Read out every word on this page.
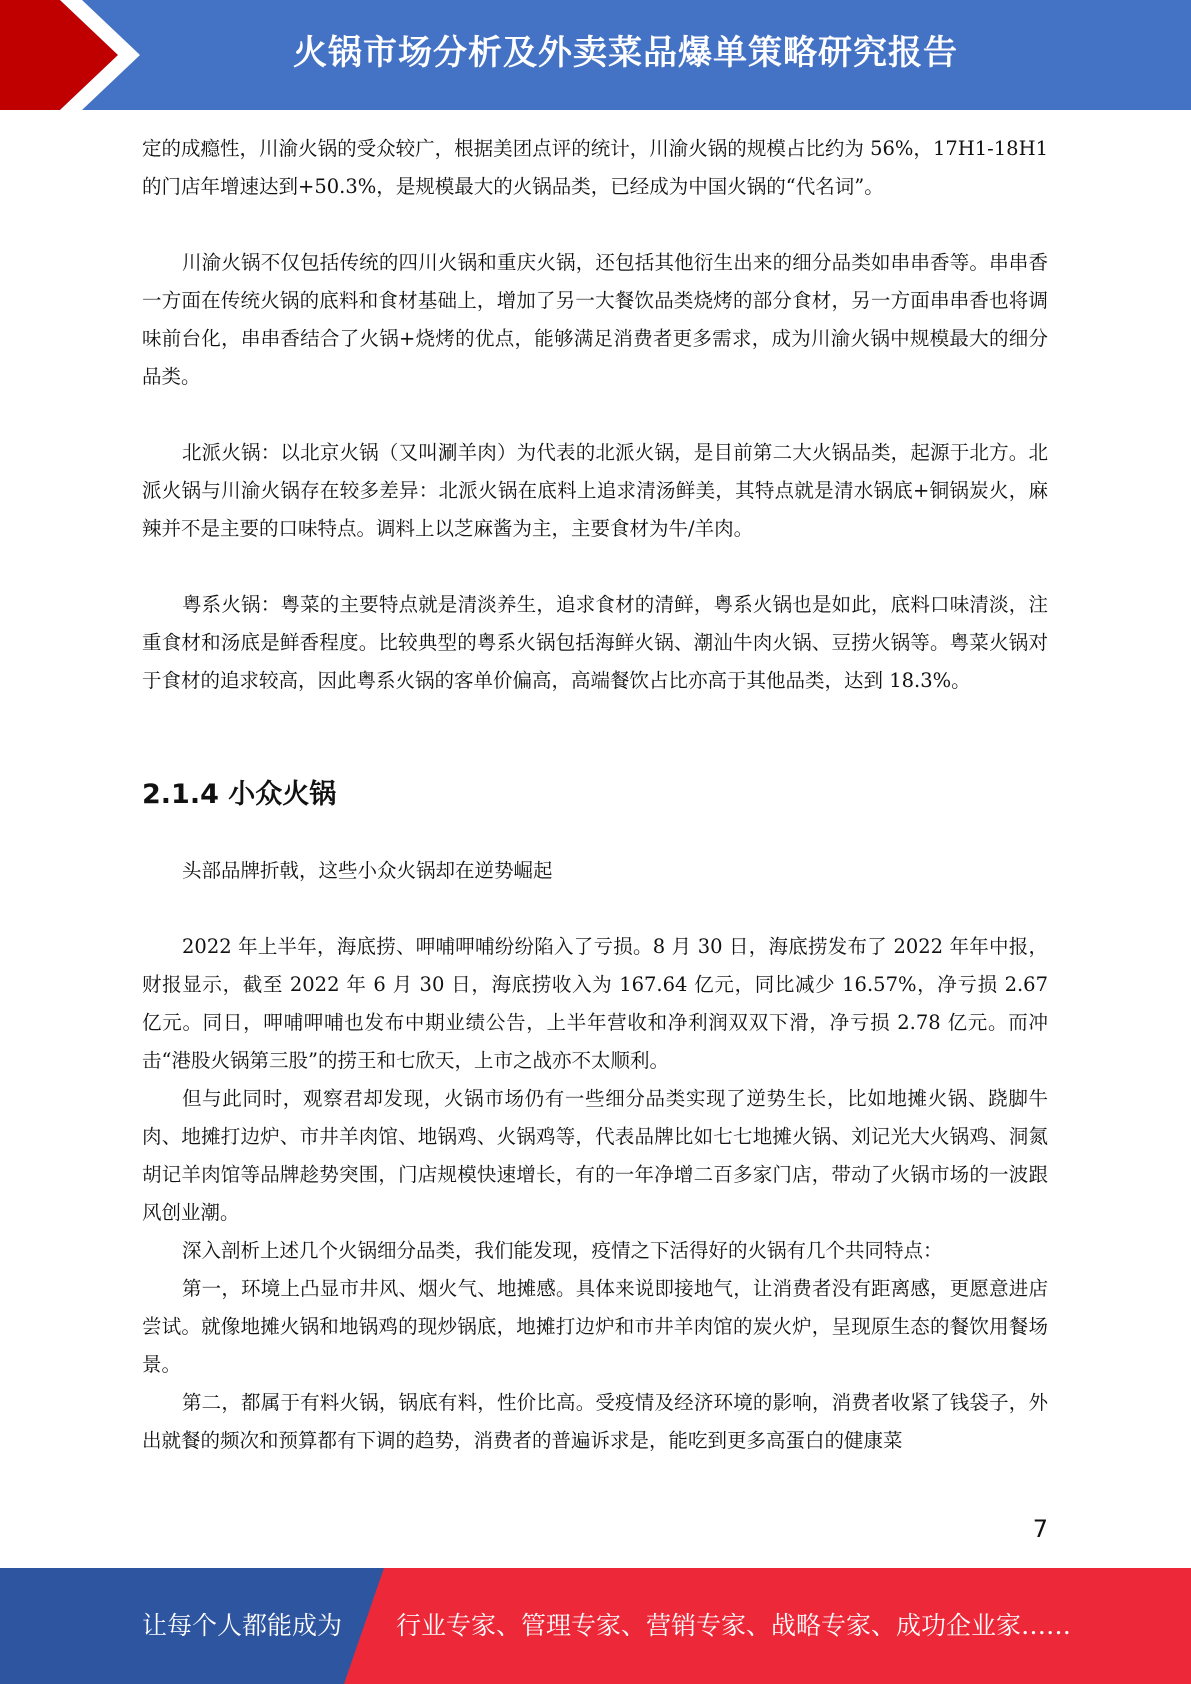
火锅市场分析及外卖菜品爆单策略研究报告

定的成瘾性，川渝火锅的受众较广，根据美团点评的统计，川渝火锅的规模占比约为 56%，17H1-18H1 的门店年增速达到+50.3%，是规模最大的火锅品类，已经成为中国火锅的“代名词”。

川渝火锅不仅包括传统的四川火锅和重庆火锅，还包括其他衍生出来的细分品类如串串香等。串串香一方面在传统火锅的底料和食材基础上，增加了另一大餐饮品类烧烤的部分食材，另一方面串串香也将调味前台化，串串香结合了火锅+烧烤的优点，能够满足消费者更多需求，成为川渝火锅中规模最大的细分品类。

北派火锅：以北京火锅（又叫涮羊肉）为代表的北派火锅，是目前第二大火锅品类，起源于北方。北派火锅与川渝火锅存在较多差异：北派火锅在底料上追求清汤鲜美，其特点就是清水锅底+铜锅炭火，麻辣并不是主要的口味特点。调料上以芝麻酱为主，主要食材为牛/羊肉。

粤系火锅：粤菜的主要特点就是清淡养生，追求食材的清鲜，粤系火锅也是如此，底料口味清淡，注重食材和汤底是鲜香程度。比较典型的粤系火锅包括海鲜火锅、潮汕牛肉火锅、豆捞火锅等。粤菜火锅对于食材的追求较高，因此粤系火锅的客单价偏高，高端餐饮占比亦高于其他品类，达到 18.3%。

2.1.4 小众火锅

头部品牌折戟，这些小众火锅却在逆势崛起

2022 年上半年，海底捞、呷哺呷哺纷纷陷入了亏损。8 月 30 日，海底捞发布了 2022 年年中报，财报显示，截至 2022 年 6 月 30 日，海底捞收入为 167.64 亿元，同比减少 16.57%，净亏损 2.67 亿元。同日，呷哺呷哺也发布中期业绩公告，上半年营收和净利润双双下滑，净亏损 2.78 亿元。而冲击“港股火锅第三股”的捞王和七欣天，上市之战亦不太顺利。

但与此同时，观察君却发现，火锅市场仍有一些细分品类实现了逆势生长，比如地摊火锅、跷脚牛肉、地摊打边炉、市井羊肉馆、地锅鸡、火锅鸡等，代表品牌比如七七地摊火锅、刘记光大火锅鸡、洞氮胡记羊肉馆等品牌趁势突围，门店规模快速增长，有的一年净增二百多家门店，带动了火锅市场的一波跟风创业潮。

深入剖析上述几个火锅细分品类，我们能发现，疫情之下活得好的火锅有几个共同特点：

第一，环境上凸显市井风、烟火气、地摊感。具体来说即接地气，让消费者没有距离感，更愿意进店尝试。就像地摊火锅和地锅鸡的现炒锅底，地摊打边炉和市井羊肉馆的炭火炉，呈现原生态的餐饮用餐场景。

第二，都属于有料火锅，锅底有料，性价比高。受疫情及经济环境的影响，消费者收紧了钱袋子，外出就餐的频次和预算都有下调的趋势，消费者的普遍诉求是，能吃到更多高蛋白的健康菜

7
让每个人都能成为 行业专家、管理专家、营销专家、战略专家、成功企业家……
